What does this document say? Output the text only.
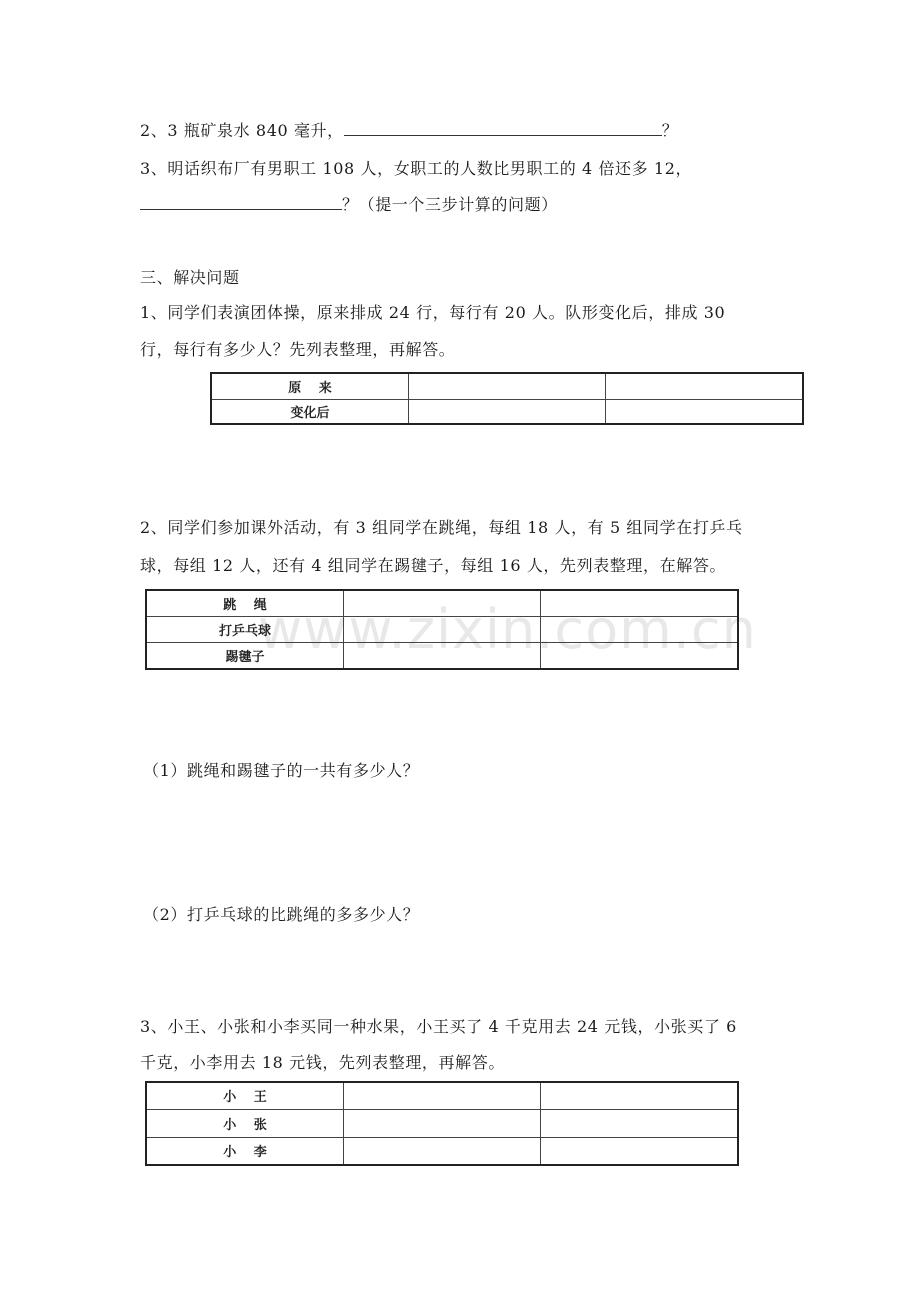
2、3 瓶矿泉水 840 毫升，	？
3、明话织布厂有男职工 108 人，女职工的人数比男职工的 4 倍还多 12，
？（提一个三步计算的问题）
三、解决问题
1、同学们表演团体操，原来排成 24 行，每行有 20 人。队形变化后，排成 30
行，每行有多少人？先列表整理，再解答。
原　 来		
变化后		
2、同学们参加课外活动，有 3 组同学在跳绳，每组 18 人，有 5 组同学在打乒乓
球，每组 12 人，还有 4 组同学在踢毽子，每组 16 人，先列表整理，在解答。
www.zixin.com.cn
跳　 绳		
打乒乓球		
踢毽子		
（1）跳绳和踢毽子的一共有多少人？
（2）打乒乓球的比跳绳的多多少人？
3、小王、小张和小李买同一种水果，小王买了 4 千克用去 24 元钱，小张买了 6
千克，小李用去 18 元钱，先列表整理，再解答。
小　 王		
小　 张		
小　 李		
